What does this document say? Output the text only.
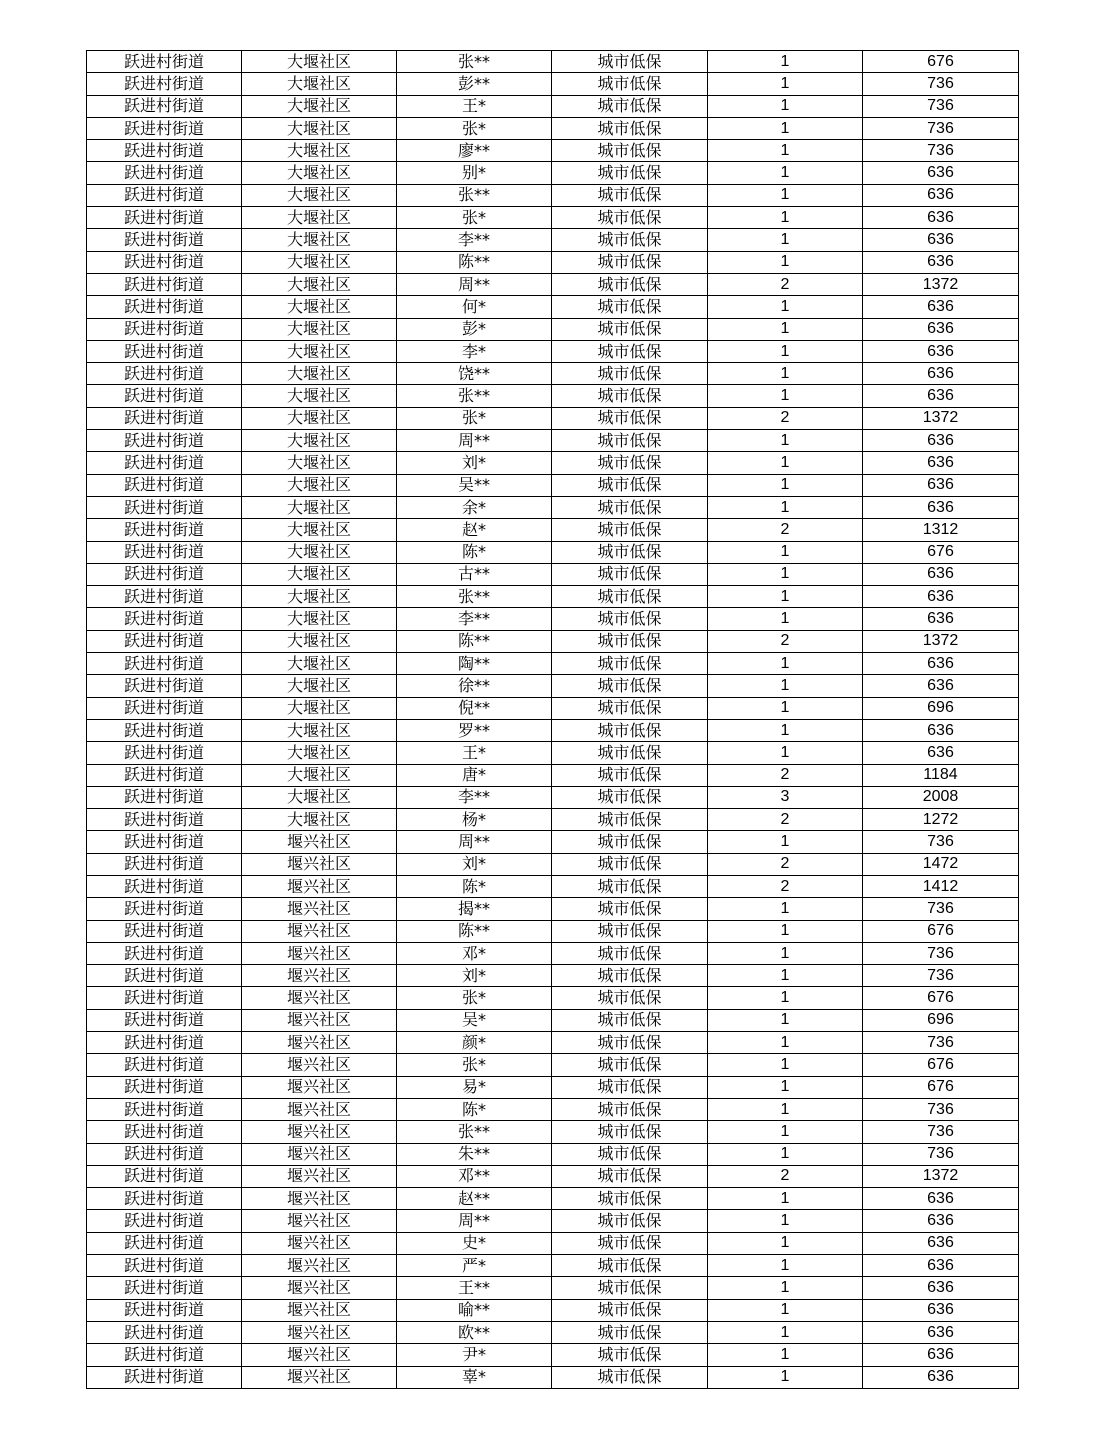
跃进村街道	大堰社区	张**	城市低保	1	676
跃进村街道	大堰社区	彭**	城市低保	1	736
跃进村街道	大堰社区	王*	城市低保	1	736
跃进村街道	大堰社区	张*	城市低保	1	736
跃进村街道	大堰社区	廖**	城市低保	1	736
跃进村街道	大堰社区	别*	城市低保	1	636
跃进村街道	大堰社区	张**	城市低保	1	636
跃进村街道	大堰社区	张*	城市低保	1	636
跃进村街道	大堰社区	李**	城市低保	1	636
跃进村街道	大堰社区	陈**	城市低保	1	636
跃进村街道	大堰社区	周**	城市低保	2	1372
跃进村街道	大堰社区	何*	城市低保	1	636
跃进村街道	大堰社区	彭*	城市低保	1	636
跃进村街道	大堰社区	李*	城市低保	1	636
跃进村街道	大堰社区	饶**	城市低保	1	636
跃进村街道	大堰社区	张**	城市低保	1	636
跃进村街道	大堰社区	张*	城市低保	2	1372
跃进村街道	大堰社区	周**	城市低保	1	636
跃进村街道	大堰社区	刘*	城市低保	1	636
跃进村街道	大堰社区	吴**	城市低保	1	636
跃进村街道	大堰社区	余*	城市低保	1	636
跃进村街道	大堰社区	赵*	城市低保	2	1312
跃进村街道	大堰社区	陈*	城市低保	1	676
跃进村街道	大堰社区	古**	城市低保	1	636
跃进村街道	大堰社区	张**	城市低保	1	636
跃进村街道	大堰社区	李**	城市低保	1	636
跃进村街道	大堰社区	陈**	城市低保	2	1372
跃进村街道	大堰社区	陶**	城市低保	1	636
跃进村街道	大堰社区	徐**	城市低保	1	636
跃进村街道	大堰社区	倪**	城市低保	1	696
跃进村街道	大堰社区	罗**	城市低保	1	636
跃进村街道	大堰社区	王*	城市低保	1	636
跃进村街道	大堰社区	唐*	城市低保	2	1184
跃进村街道	大堰社区	李**	城市低保	3	2008
跃进村街道	大堰社区	杨*	城市低保	2	1272
跃进村街道	堰兴社区	周**	城市低保	1	736
跃进村街道	堰兴社区	刘*	城市低保	2	1472
跃进村街道	堰兴社区	陈*	城市低保	2	1412
跃进村街道	堰兴社区	揭**	城市低保	1	736
跃进村街道	堰兴社区	陈**	城市低保	1	676
跃进村街道	堰兴社区	邓*	城市低保	1	736
跃进村街道	堰兴社区	刘*	城市低保	1	736
跃进村街道	堰兴社区	张*	城市低保	1	676
跃进村街道	堰兴社区	吴*	城市低保	1	696
跃进村街道	堰兴社区	颜*	城市低保	1	736
跃进村街道	堰兴社区	张*	城市低保	1	676
跃进村街道	堰兴社区	易*	城市低保	1	676
跃进村街道	堰兴社区	陈*	城市低保	1	736
跃进村街道	堰兴社区	张**	城市低保	1	736
跃进村街道	堰兴社区	朱**	城市低保	1	736
跃进村街道	堰兴社区	邓**	城市低保	2	1372
跃进村街道	堰兴社区	赵**	城市低保	1	636
跃进村街道	堰兴社区	周**	城市低保	1	636
跃进村街道	堰兴社区	史*	城市低保	1	636
跃进村街道	堰兴社区	严*	城市低保	1	636
跃进村街道	堰兴社区	王**	城市低保	1	636
跃进村街道	堰兴社区	喻**	城市低保	1	636
跃进村街道	堰兴社区	欧**	城市低保	1	636
跃进村街道	堰兴社区	尹*	城市低保	1	636
跃进村街道	堰兴社区	辜*	城市低保	1	636
